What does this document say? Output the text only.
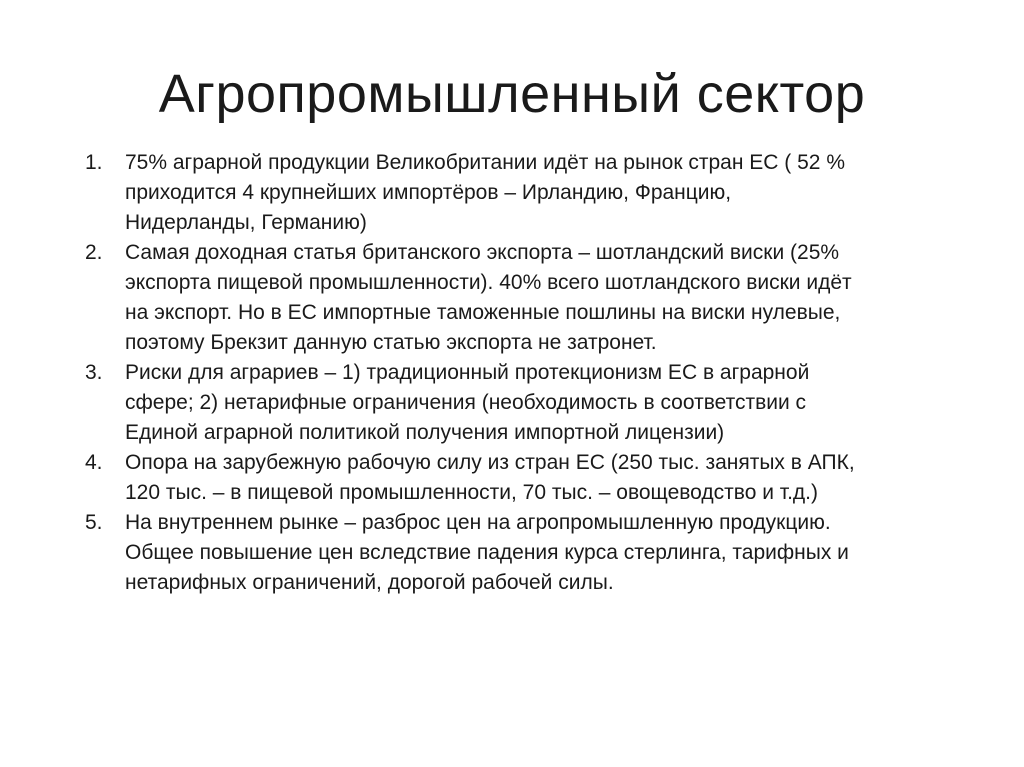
Агропромышленный сектор
1.	75% аграрной продукции Великобритании идёт на рынок стран ЕС ( 52 %
приходится 4 крупнейших импортёров – Ирландию, Францию,
Нидерланды, Германию)
2.	Самая доходная статья британского экспорта – шотландский виски (25%
экспорта пищевой промышленности). 40% всего шотландского виски идёт
на экспорт. Но в ЕС импортные таможенные пошлины на виски нулевые,
поэтому Брекзит данную статью экспорта не затронет.
3.	Риски для аграриев – 1) традиционный протекционизм ЕС в аграрной
сфере; 2) нетарифные ограничения (необходимость в соответствии с
Единой аграрной политикой получения импортной лицензии)
4.	Опора на зарубежную рабочую силу из стран ЕС (250 тыс. занятых в АПК,
120 тыс. – в пищевой промышленности, 70 тыс. – овощеводство и т.д.)
5.	На внутреннем рынке – разброс цен на агропромышленную продукцию.
Общее повышение цен вследствие падения курса стерлинга, тарифных и
нетарифных ограничений, дорогой рабочей силы.
